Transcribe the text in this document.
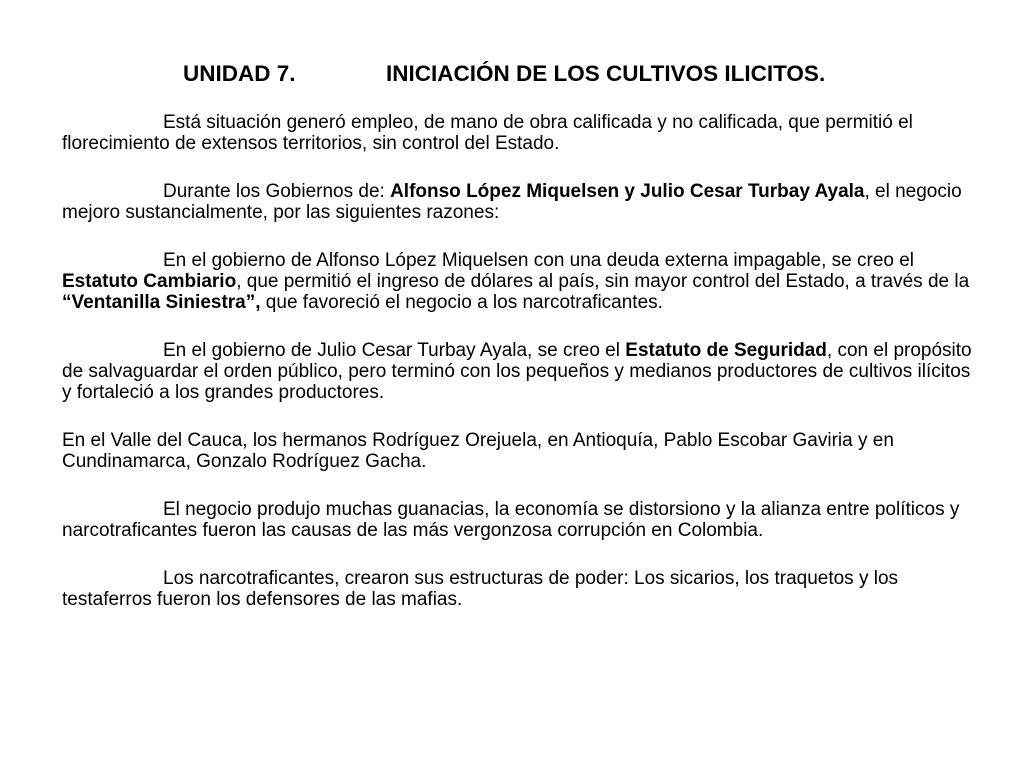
UNIDAD 7.	INICIACIÓN DE LOS CULTIVOS ILICITOS.

Está situación generó empleo, de mano de obra calificada y no calificada, que permitió el florecimiento de extensos territorios, sin control del Estado.

Durante los Gobiernos de: Alfonso López Miquelsen y Julio Cesar Turbay Ayala, el negocio mejoro sustancialmente, por las siguientes razones:

En el gobierno de Alfonso López Miquelsen con una deuda externa impagable, se creo el Estatuto Cambiario, que permitió el ingreso de dólares al país, sin mayor control del Estado, a través de la “Ventanilla Siniestra”, que favoreció el negocio a los narcotraficantes.

En el gobierno de Julio Cesar Turbay Ayala, se creo el Estatuto de Seguridad, con el propósito de salvaguardar el orden público, pero terminó con los pequeños y medianos productores de cultivos ilícitos y fortaleció a los grandes productores.

En el Valle del Cauca, los hermanos Rodríguez Orejuela, en Antioquía, Pablo Escobar Gaviria y en Cundinamarca, Gonzalo Rodríguez Gacha.

El negocio produjo muchas guanacias, la economía se distorsiono y la alianza entre políticos y narcotraficantes fueron las causas de las más vergonzosa corrupción en Colombia.

Los narcotraficantes, crearon sus estructuras de poder: Los sicarios, los traquetos y los testaferros fueron los defensores de las mafias.
